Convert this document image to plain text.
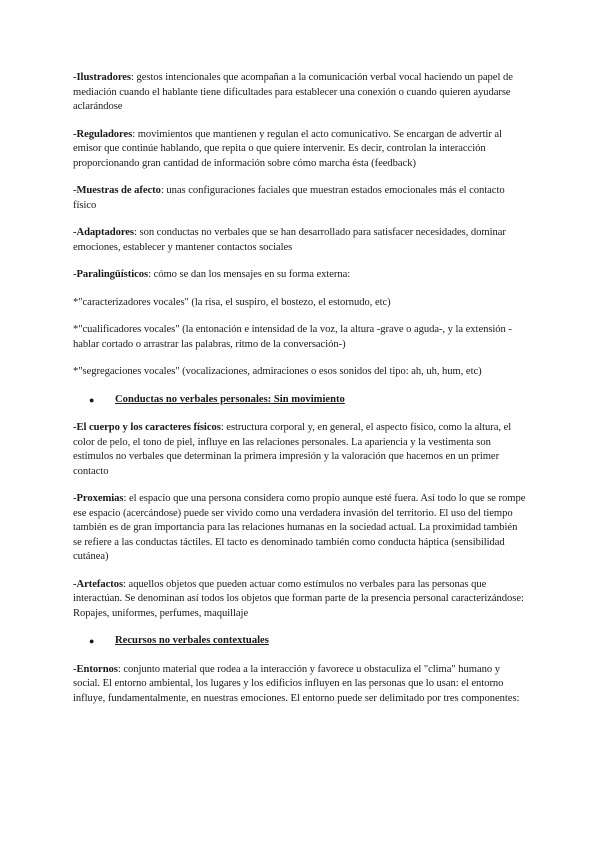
-Ilustradores: gestos intencionales que acompañan a la comunicación verbal vocal haciendo un papel de mediación cuando el hablante tiene dificultades para establecer una conexión o cuando quieren ayudarse aclarándose

-Reguladores: movimientos que mantienen y regulan el acto comunicativo. Se encargan de advertir al emisor que continúe hablando, que repita o que quiere intervenir. Es decir, controlan la interacción proporcionando gran cantidad de información sobre cómo marcha ésta (feedback)

-Muestras de afecto: unas configuraciones faciales que muestran estados emocionales más el contacto físico

-Adaptadores: son conductas no verbales que se han desarrollado para satisfacer necesidades, dominar emociones, establecer y mantener contactos sociales

-Paralingüísticos: cómo se dan los mensajes en su forma externa:

*"caracterizadores vocales" (la risa, el suspiro, el bostezo, el estornudo, etc)

*"cualificadores vocales" (la entonación e intensidad de la voz, la altura -grave o aguda-, y la extensión -hablar cortado o arrastrar las palabras, ritmo de la conversación-)

*"segregaciones vocales" (vocalizaciones, admiraciones o esos sonidos del tipo: ah, uh, hum, etc)

●	Conductas no verbales personales: Sin movimiento

-El cuerpo y los caracteres físicos: estructura corporal y, en general, el aspecto físico, como la altura, el color de pelo, el tono de piel, influye en las relaciones personales. La apariencia y la vestimenta son estímulos no verbales que determinan la primera impresión y la valoración que hacemos en un primer contacto

-Proxemias: el espacio que una persona considera como propio aunque esté fuera. Así todo lo que se rompe ese espacio (acercándose) puede ser vivido como una verdadera invasión del territorio. El uso del tiempo también es de gran importancia para las relaciones humanas en la sociedad actual. La proximidad también se refiere a las conductas táctiles. El tacto es denominado también como conducta háptica (sensibilidad cutánea)

-Artefactos: aquellos objetos que pueden actuar como estímulos no verbales para las personas que interactúan. Se denominan así todos los objetos que forman parte de la presencia personal caracterizándose: Ropajes, uniformes, perfumes, maquillaje

●	Recursos no verbales contextuales

-Entornos: conjunto material que rodea a la interacción y favorece u obstaculiza el "clima" humano y social. El entorno ambiental, los lugares y los edificios influyen en las personas que lo usan: el entorno influye, fundamentalmente, en nuestras emociones. El entorno puede ser delimitado por tres componentes:
